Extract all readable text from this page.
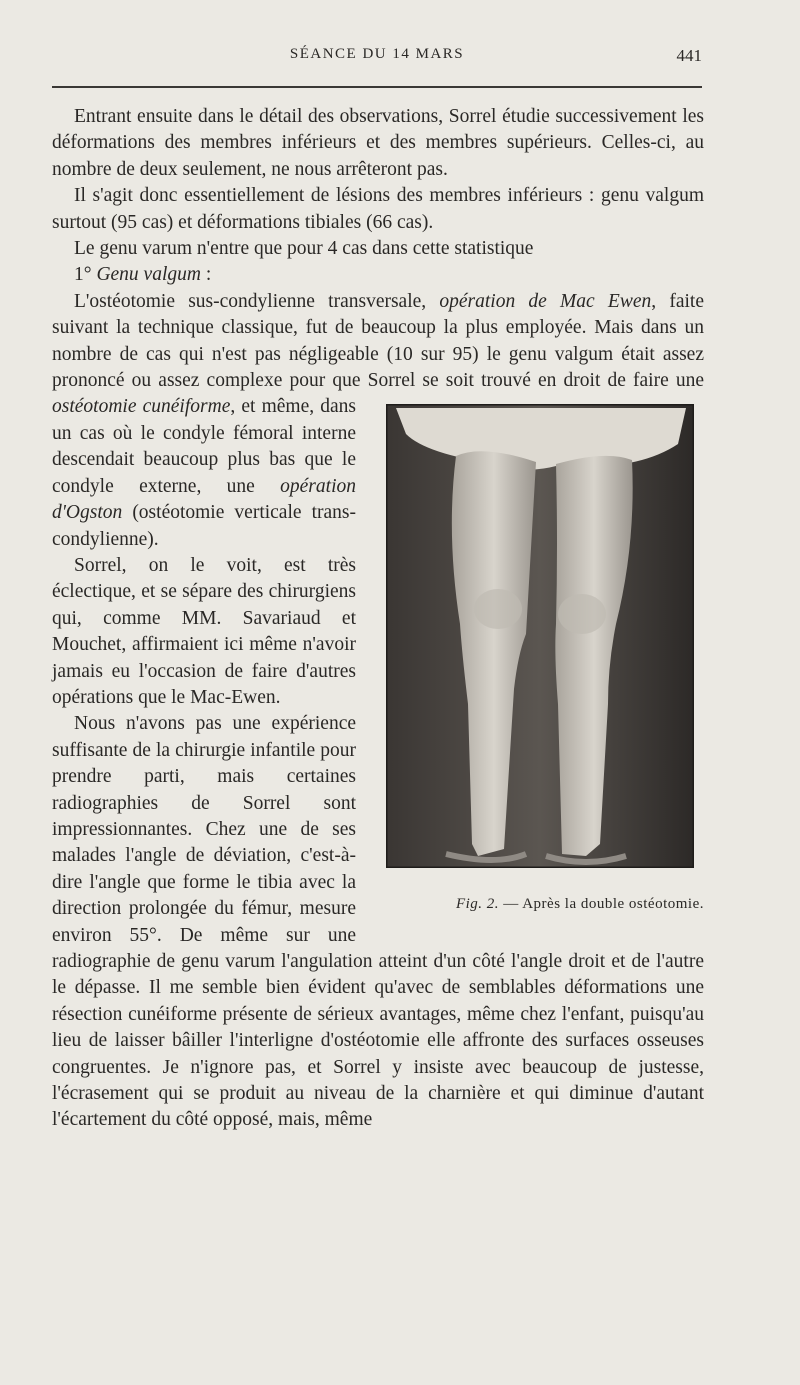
SÉANCE DU 14 MARS	441

Entrant ensuite dans le détail des observations, Sorrel étudie successivement les déformations des membres inférieurs et des membres supérieurs. Celles-ci, au nombre de deux seulement, ne nous arrêteront pas.

Il s'agit donc essentiellement de lésions des membres inférieurs : genu valgum surtout (95 cas) et déformations tibiales (66 cas).

Le genu varum n'entre que pour 4 cas dans cette statistique

1° Genu valgum :

L'ostéotomie sus-condylienne transversale, opération de Mac Ewen, faite suivant la technique classique, fut de beaucoup la plus employée. Mais dans un nombre de cas qui n'est pas négligeable (10 sur 95) le genu valgum était assez prononcé ou assez complexe pour que Sorrel se soit trouvé en droit de faire une
Fig. 2. — Après la double ostéotomie.
ostéotomie cunéiforme, et même, dans un cas où le condyle fémoral interne descendait beaucoup plus bas que le condyle externe, une opération d'Ogston (ostéotomie verticale trans-condylienne).

Sorrel, on le voit, est très éclectique, et se sépare des chirurgiens qui, comme MM. Savariaud et Mouchet, affirmaient ici même n'avoir jamais eu l'occasion de faire d'autres opérations que le Mac-Ewen.

Nous n'avons pas une expérience suffisante de la chirurgie infantile pour prendre parti, mais certaines radiographies de Sorrel sont impressionnantes. Chez une de ses malades l'angle de déviation, c'est-à-dire l'angle que forme le tibia avec la direction prolongée du fémur, mesure environ 55°. De même sur une radiographie de genu varum l'angulation atteint d'un côté l'angle droit et de l'autre le dépasse. Il me semble bien évident qu'avec de semblables déformations une résection cunéiforme présente de sérieux avantages, même chez l'enfant, puisqu'au lieu de laisser bâiller l'interligne d'ostéotomie elle affronte des surfaces osseuses congruentes. Je n'ignore pas, et Sorrel y insiste avec beaucoup de justesse, l'écrasement qui se produit au niveau de la charnière et qui diminue d'autant l'écartement du côté opposé, mais, même
